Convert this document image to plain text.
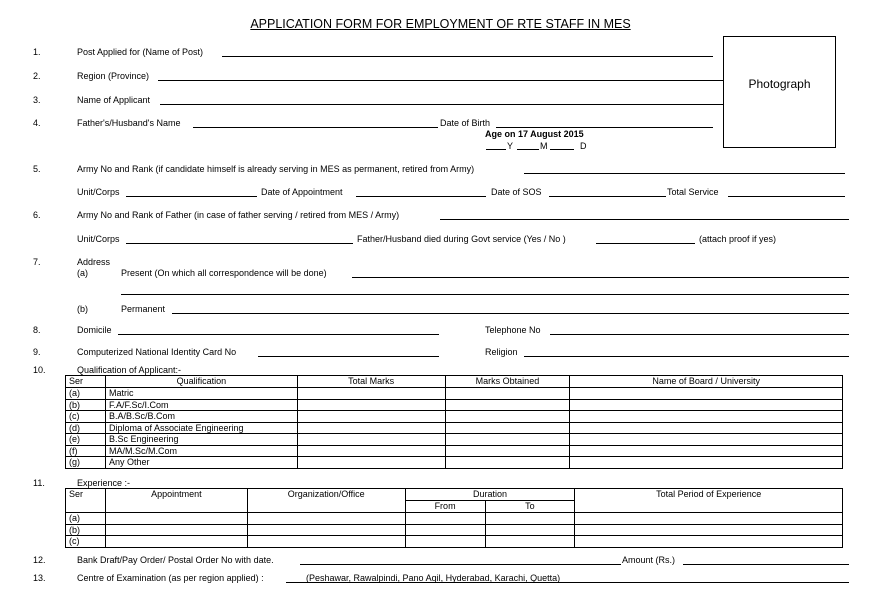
APPLICATION FORM FOR EMPLOYMENT OF RTE STAFF IN MES
Photograph
1.	Post Applied for (Name of Post)
2.	Region (Province)
3.	Name of Applicant
4.	Father's/Husband's Name	Date of Birth
Age on 17 August 2015
Y	M	D
5.	Army No and Rank (if candidate himself is already serving in MES as permanent, retired from Army)
Unit/Corps	Date of Appointment	Date of SOS	Total Service
6.	Army No and Rank of Father (in case of father serving / retired from MES / Army)
Unit/Corps	Father/Husband died during Govt service (Yes / No )	(attach proof if yes)
7.	Address
(a)	Present (On which all correspondence will be done)
(b)	Permanent
8.	Domicile	Telephone No
9.	Computerized National Identity Card No	Religion
10.	Qualification of Applicant:-
Ser	Qualification	Total Marks	Marks Obtained	Name of Board / University
(a)	Matric			
(b)	F.A/F.Sc/I.Com			
(c)	B.A/B.Sc/B.Com			
(d)	Diploma of Associate Engineering			
(e)	B.Sc Engineering			
(f)	MA/M.Sc/M.Com			
(g)	Any Other			
11.	Experience :-
Ser	Appointment	Organization/Office	Duration		Total Period of Experience
			From	To	
(a)					
(b)					
(c)					
12.	Bank Draft/Pay Order/ Postal Order No with date.	Amount (Rs.)
13.	Centre of Examination (as per region applied) :	(Peshawar, Rawalpindi, Pano Aqil, Hyderabad, Karachi, Quetta)
